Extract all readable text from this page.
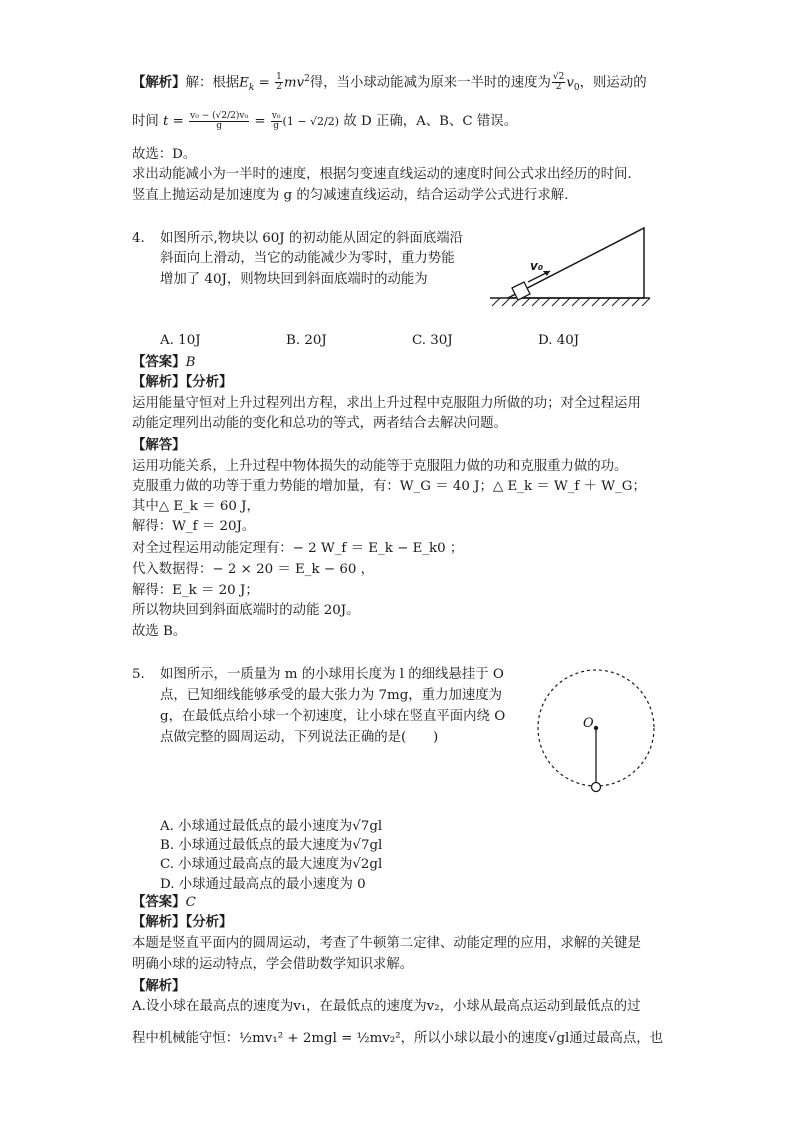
【解析】解：根据$E_k = \frac{1}{2} mv^2$得，当小球动能减为原来一半时的速度为 $\frac{√2}{2} v_0$，则运动的
时间 $t = \frac{\text{v₀ − (√2/2)v₀}}{g} = \frac{\text{v₀}}{g} (1 - √2/2)$ 故 D 正确，A、B、C 错误。
故选：D。
求出动能减小为一半时的速度，根据匀变速直线运动的速度时间公式求出经历的时间．
竖直上抛运动是加速度为 g 的匀减速直线运动，结合运动学公式进行求解．
4. 如图所示,物块以 60J 的初动能从固定的斜面底端沿
斜面向上滑动，当它的动能减少为零时，重力势能
增加了 40J，则物块回到斜面底端时的动能为
v₀
A. 10J	B. 20J	C. 30J	D. 40J
【答案】B
【解析】【分析】
运用能量守恒对上升过程列出方程，求出上升过程中克服阻力所做的功；对全过程运用
动能定理列出动能的变化和总功的等式，两者结合去解决问题。
【解答】
运用功能关系，上升过程中物体损失的动能等于克服阻力做的功和克服重力做的功。
克服重力做的功等于重力势能的增加量，有：W_G ＝ 40 J；△ E_k ＝ W_f ＋ W_G；
其中△ E_k ＝ 60 J，
解得：W_f ＝ 20J。
对全过程运用动能定理有：− 2 W_f ＝ E_k − E_k0 ；
代入数据得：− 2 × 20 ＝ E_k − 60 ，
解得：E_k ＝ 20 J；
所以物块回到斜面底端时的动能 20J。
故选 B。
5. 如图所示，一质量为 m 的小球用长度为 l 的细线悬挂于 O
点，已知细线能够承受的最大张力为 7mg，重力加速度为
g，在最低点给小球一个初速度，让小球在竖直平面内绕 O
点做完整的圆周运动，下列说法正确的是(　　)
O
A. 小球通过最低点的最小速度为√7gl
B. 小球通过最低点的最大速度为√7gl
C. 小球通过最高点的最大速度为√2gl
D. 小球通过最高点的最小速度为 0
【答案】C
【解析】【分析】
本题是竖直平面内的圆周运动，考查了牛顿第二定律、动能定理的应用，求解的关键是
明确小球的运动特点，学会借助数学知识求解。
【解析】
A.设小球在最高点的速度为v₁，在最低点的速度为v₂，小球从最高点运动到最低点的过
程中机械能守恒：½mv₁² + 2mgl = ½mv₂²，所以小球以最小的速度√gl通过最高点，也
